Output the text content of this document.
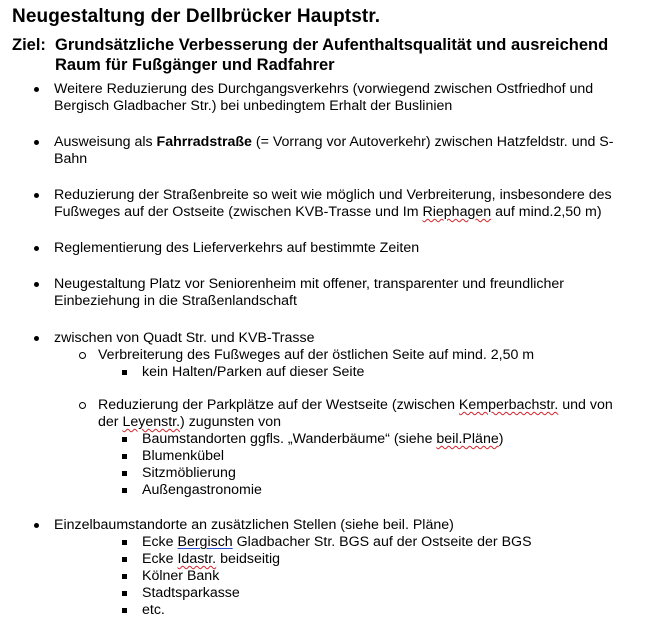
Neugestaltung der Dellbrücker Hauptstr.
Ziel: Grundsätzliche Verbesserung der Aufenthaltsqualität und ausreichend Raum für Fußgänger und Radfahrer
Weitere Reduzierung des Durchgangsverkehrs (vorwiegend zwischen Ostfriedhof und Bergisch Gladbacher Str.) bei unbedingtem Erhalt der Buslinien
Ausweisung als Fahrradstraße (= Vorrang vor Autoverkehr) zwischen Hatzfeldstr. und S-Bahn
Reduzierung der Straßenbreite so weit wie möglich und Verbreiterung, insbesondere des Fußweges auf der Ostseite (zwischen KVB-Trasse und Im Riephagen auf mind.2,50 m)
Reglementierung des Lieferverkehrs auf bestimmte Zeiten
Neugestaltung Platz vor Seniorenheim mit offener, transparenter und freundlicher Einbeziehung in die Straßenlandschaft
zwischen von Quadt Str. und KVB-Trasse
Verbreiterung des Fußweges auf der östlichen Seite auf mind. 2,50 m
kein Halten/Parken auf dieser Seite
Reduzierung der Parkplätze auf der Westseite (zwischen Kemperbachstr. und von
der Leyenstr.) zugunsten von
Baumstandorten ggfls. „Wanderbäume“ (siehe beil.Pläne)
Blumenkübel
Sitzmöblierung
Außengastronomie
Einzelbaumstandorte an zusätzlichen Stellen (siehe beil. Pläne)
Ecke Bergisch Gladbacher Str. BGS auf der Ostseite der BGS
Ecke Idastr. beidseitig
Kölner Bank
Stadtsparkasse
etc.
